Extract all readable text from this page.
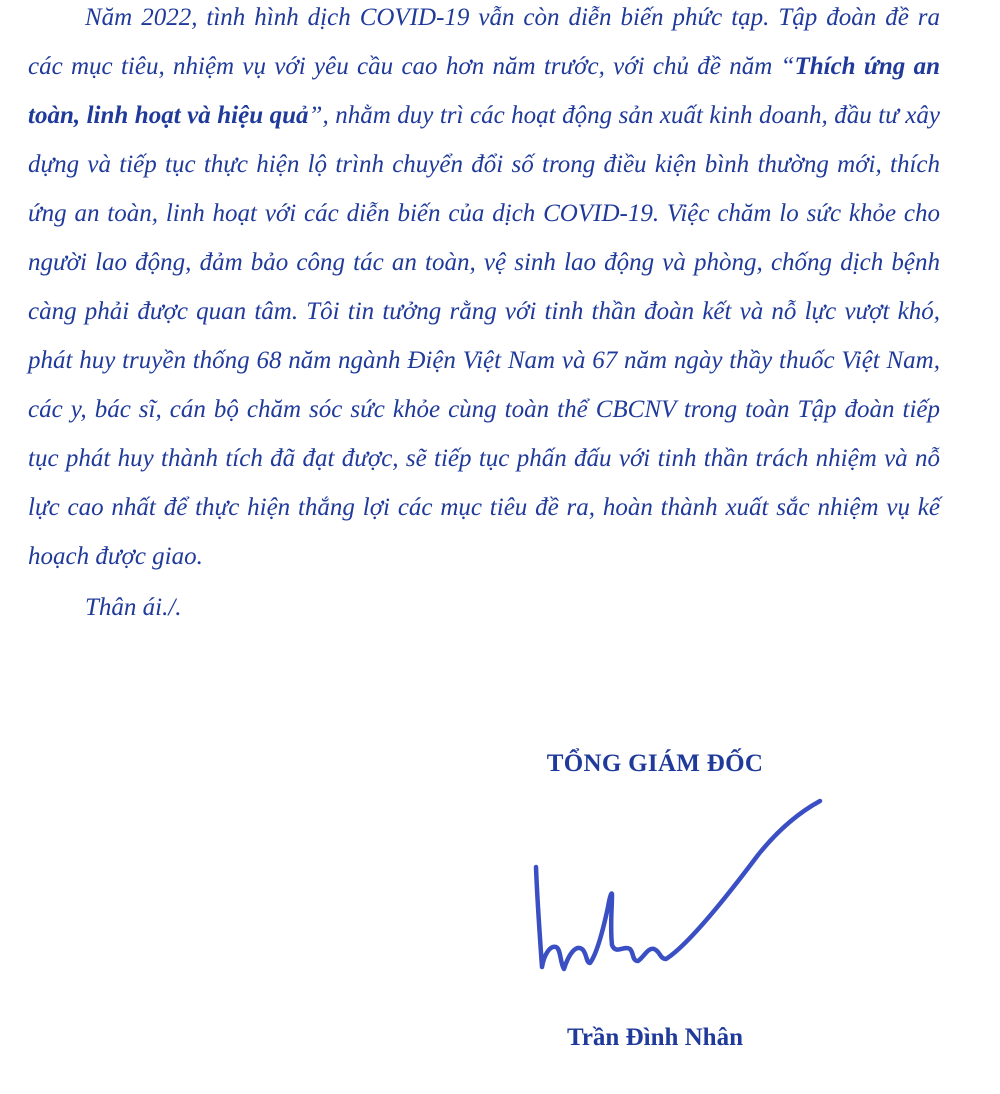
Năm 2022, tình hình dịch COVID-19 vẫn còn diễn biến phức tạp. Tập đoàn đề ra các mục tiêu, nhiệm vụ với yêu cầu cao hơn năm trước, với chủ đề năm “Thích ứng an toàn, linh hoạt và hiệu quả”, nhằm duy trì các hoạt động sản xuất kinh doanh, đầu tư xây dựng và tiếp tục thực hiện lộ trình chuyển đổi số trong điều kiện bình thường mới, thích ứng an toàn, linh hoạt với các diễn biến của dịch COVID-19. Việc chăm lo sức khỏe cho người lao động, đảm bảo công tác an toàn, vệ sinh lao động và phòng, chống dịch bệnh càng phải được quan tâm. Tôi tin tưởng rằng với tinh thần đoàn kết và nỗ lực vượt khó, phát huy truyền thống 68 năm ngành Điện Việt Nam và 67 năm ngày thầy thuốc Việt Nam, các y, bác sĩ, cán bộ chăm sóc sức khỏe cùng toàn thể CBCNV trong toàn Tập đoàn tiếp tục phát huy thành tích đã đạt được, sẽ tiếp tục phấn đấu với tinh thần trách nhiệm và nỗ lực cao nhất để thực hiện thắng lợi các mục tiêu đề ra, hoàn thành xuất sắc nhiệm vụ kế hoạch được giao.

Thân ái./.

TỔNG GIÁM ĐỐC

Trần Đình Nhân
